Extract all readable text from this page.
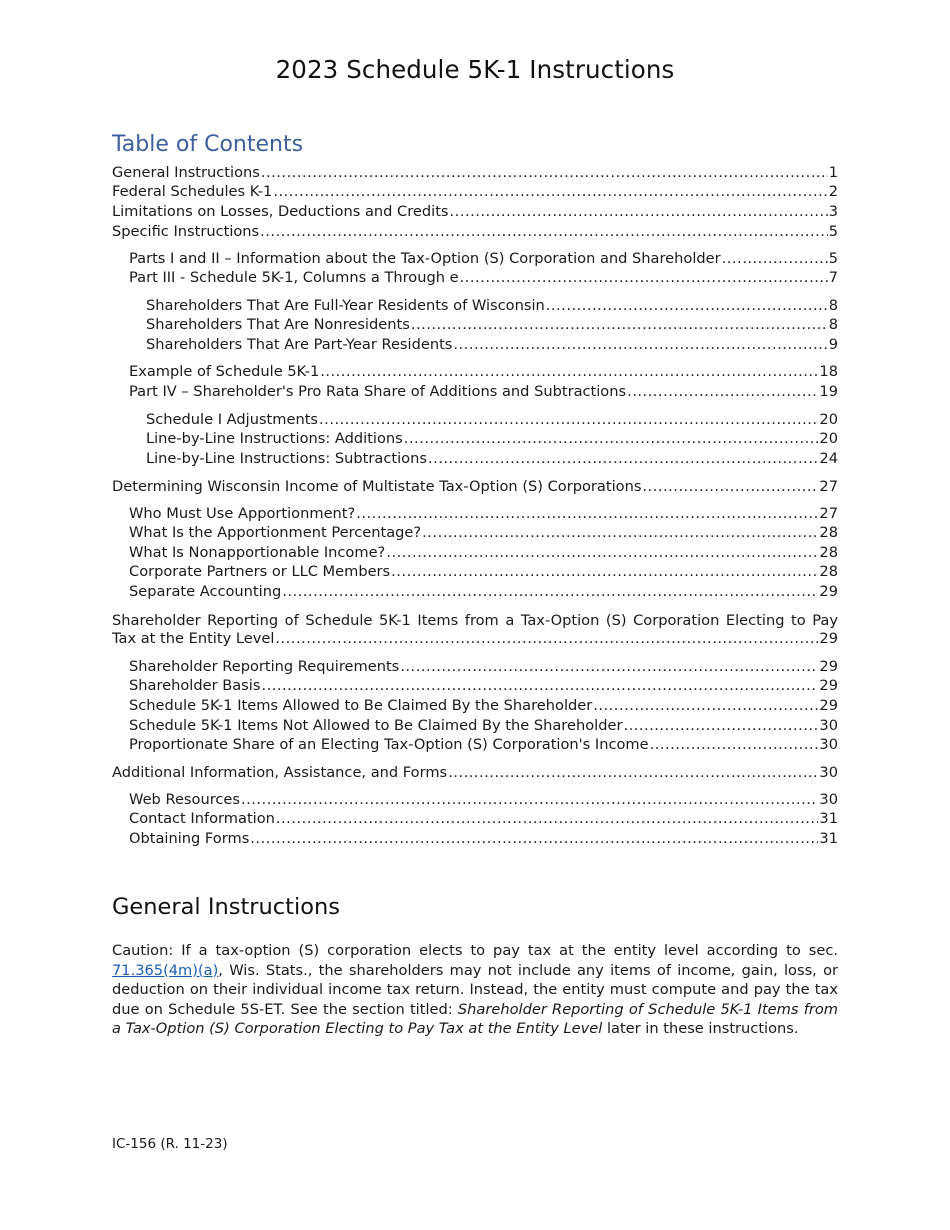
2023 Schedule 5K-1 Instructions
Table of Contents
General Instructions .....	1
Federal Schedules K-1 .....	2
Limitations on Losses, Deductions and Credits .....	3
Specific Instructions .....	5
Parts I and II – Information about the Tax-Option (S) Corporation and Shareholder .....	5
Part III - Schedule 5K-1, Columns a Through e .....	7
Shareholders That Are Full-Year Residents of Wisconsin .....	8
Shareholders That Are Nonresidents .....	8
Shareholders That Are Part-Year Residents .....	9
Example of Schedule 5K-1 .....	18
Part IV – Shareholder's Pro Rata Share of Additions and Subtractions .....	19
Schedule I Adjustments .....	20
Line-by-Line Instructions: Additions .....	20
Line-by-Line Instructions: Subtractions .....	24
Determining Wisconsin Income of Multistate Tax-Option (S) Corporations .....	27
Who Must Use Apportionment? .....	27
What Is the Apportionment Percentage? .....	28
What Is Nonapportionable Income? .....	28
Corporate Partners or LLC Members .....	28
Separate Accounting .....	29
Shareholder Reporting of Schedule 5K-1 Items from a Tax-Option (S) Corporation Electing to Pay
Tax at the Entity Level .....	29
Shareholder Reporting Requirements .....	29
Shareholder Basis .....	29
Schedule 5K-1 Items Allowed to Be Claimed By the Shareholder .....	29
Schedule 5K-1 Items Not Allowed to Be Claimed By the Shareholder .....	30
Proportionate Share of an Electing Tax-Option (S) Corporation's Income .....	30
Additional Information, Assistance, and Forms .....	30
Web Resources .....	30
Contact Information .....	31
Obtaining Forms .....	31
General Instructions

Caution: If a tax-option (S) corporation elects to pay tax at the entity level according to sec. 71.365(4m)(a), Wis. Stats., the shareholders may not include any items of income, gain, loss, or deduction on their individual income tax return. Instead, the entity must compute and pay the tax due on Schedule 5S-ET. See the section titled: Shareholder Reporting of Schedule 5K-1 Items from a Tax-Option (S) Corporation Electing to Pay Tax at the Entity Level later in these instructions.

IC-156 (R. 11-23)
